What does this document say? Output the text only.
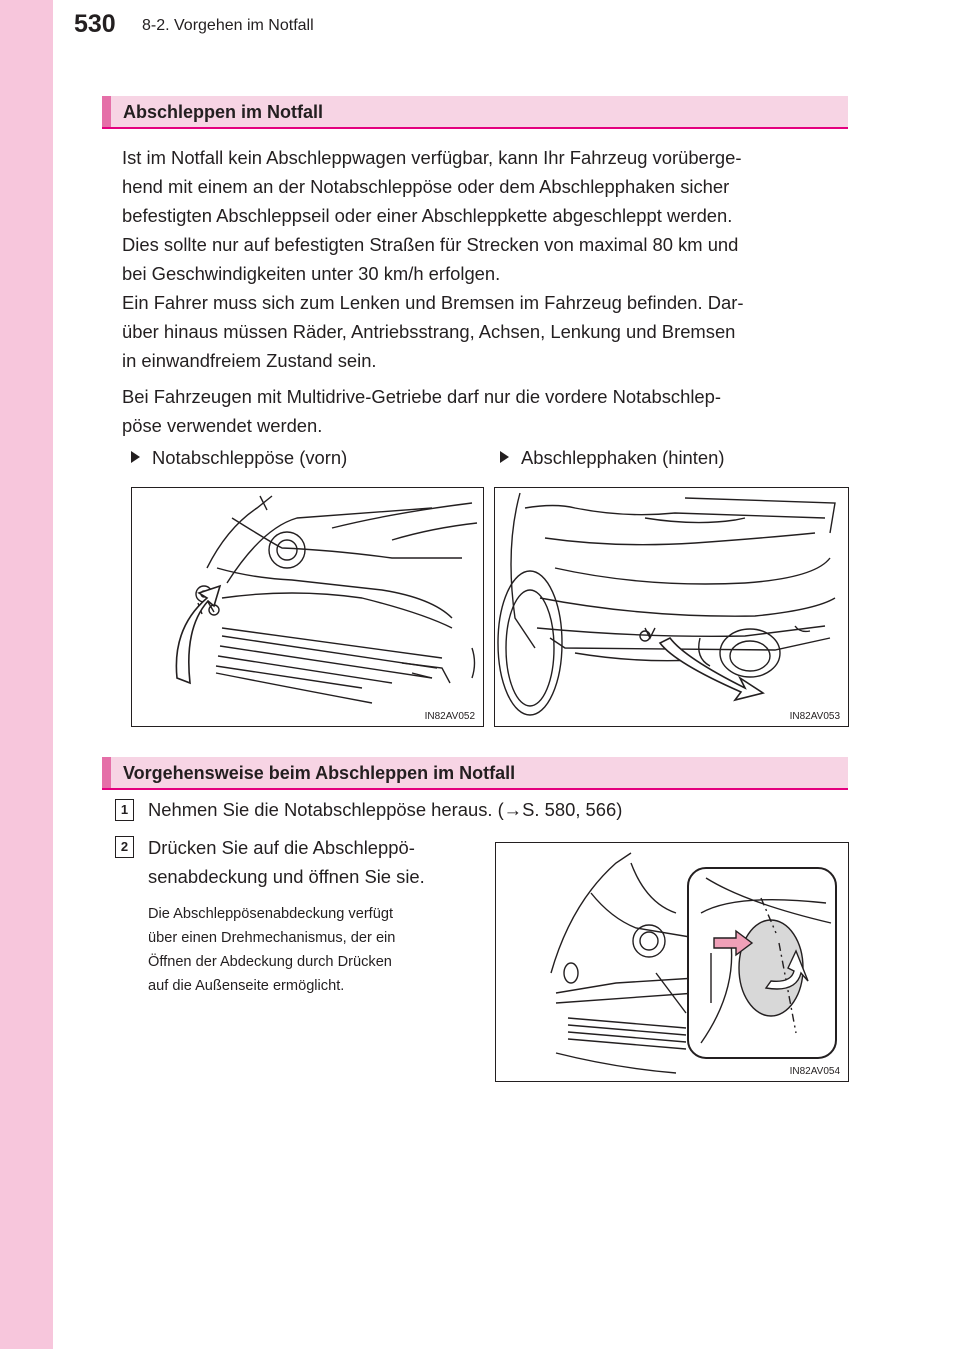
530 8-2. Vorgehen im Notfall
Abschleppen im Notfall

Ist im Notfall kein Abschleppwagen verfügbar, kann Ihr Fahrzeug vorüberge-

hend mit einem an der Notabschleppöse oder dem Abschlepphaken sicher

befestigten Abschleppseil oder einer Abschleppkette abgeschleppt werden.

Dies sollte nur auf befestigten Straßen für Strecken von maximal 80 km und

bei Geschwindigkeiten unter 30 km/h erfolgen.

Ein Fahrer muss sich zum Lenken und Bremsen im Fahrzeug befinden. Dar-

über hinaus müssen Räder, Antriebsstrang, Achsen, Lenkung und Bremsen

in einwandfreiem Zustand sein.

Bei Fahrzeugen mit Multidrive-Getriebe darf nur die vordere Notabschlep-

pöse verwendet werden.

Notabschleppöse (vorn)	Abschlepphaken (hinten)
IN82AV052	IN82AV053
Vorgehensweise beim Abschleppen im Notfall
1	Nehmen Sie die Notabschleppöse heraus. (→S. 580, 566)

2	Drücken Sie auf die Abschleppö-

senabdeckung und öffnen Sie sie.

Die Abschleppösenabdeckung verfügt

über einen Drehmechanismus, der ein

Öffnen der Abdeckung durch Drücken

auf die Außenseite ermöglicht.

IN82AV054
